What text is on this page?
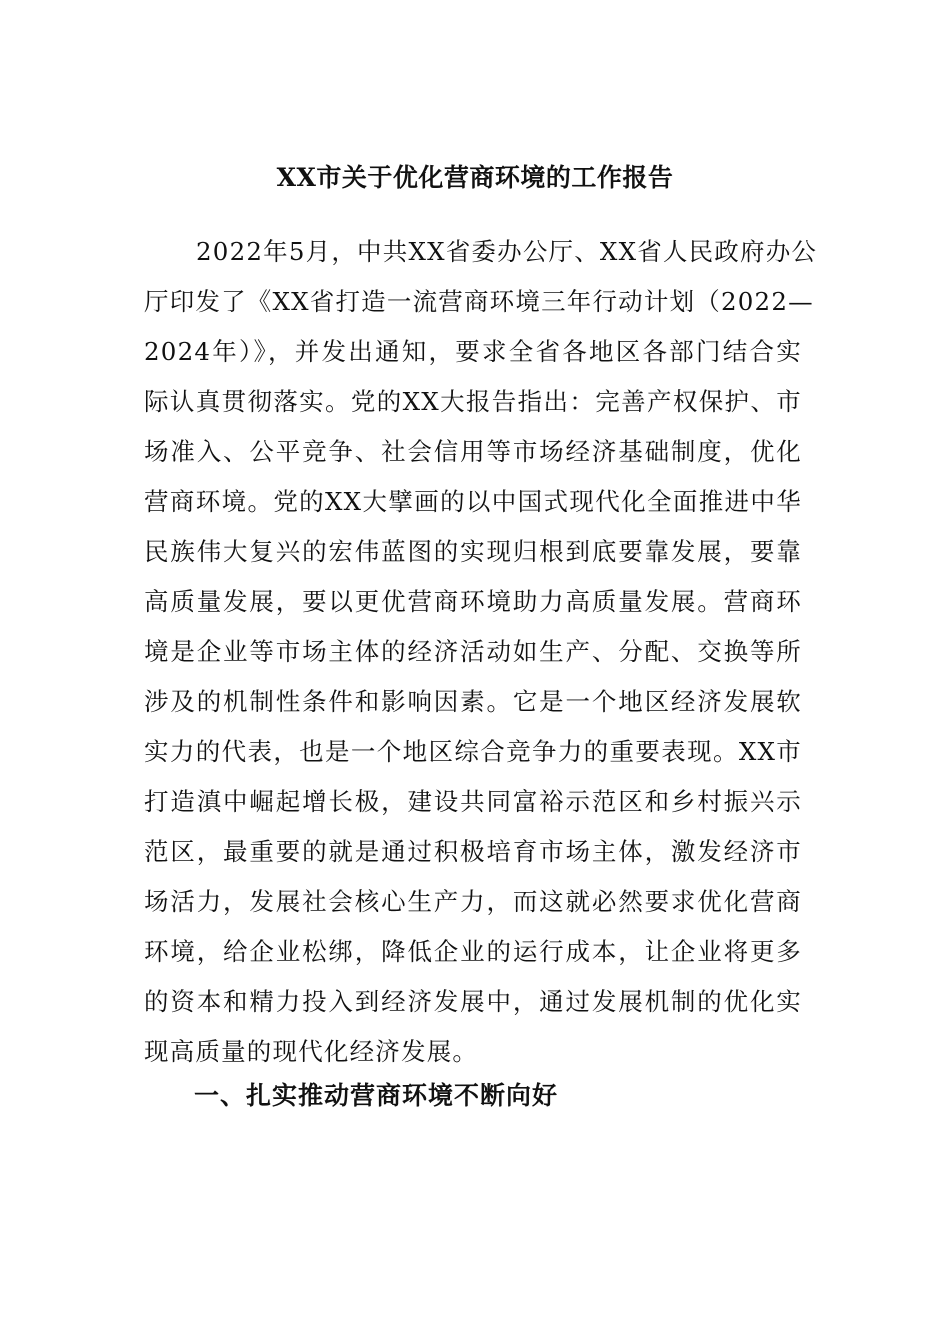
XX市关于优化营商环境的工作报告
2022年5月，中共XX省委办公厅、XX省人民政府办公
厅印发了《XX省打造一流营商环境三年行动计划（2022—
2024年）》，并发出通知，要求全省各地区各部门结合实
际认真贯彻落实。党的XX大报告指出：完善产权保护、市
场准入、公平竞争、社会信用等市场经济基础制度，优化
营商环境。党的XX大擘画的以中国式现代化全面推进中华
民族伟大复兴的宏伟蓝图的实现归根到底要靠发展，要靠
高质量发展，要以更优营商环境助力高质量发展。营商环
境是企业等市场主体的经济活动如生产、分配、交换等所
涉及的机制性条件和影响因素。它是一个地区经济发展软
实力的代表，也是一个地区综合竞争力的重要表现。XX市
打造滇中崛起增长极，建设共同富裕示范区和乡村振兴示
范区，最重要的就是通过积极培育市场主体，激发经济市
场活力，发展社会核心生产力，而这就必然要求优化营商
环境，给企业松绑，降低企业的运行成本，让企业将更多
的资本和精力投入到经济发展中，通过发展机制的优化实
现高质量的现代化经济发展。
一、扎实推动营商环境不断向好
